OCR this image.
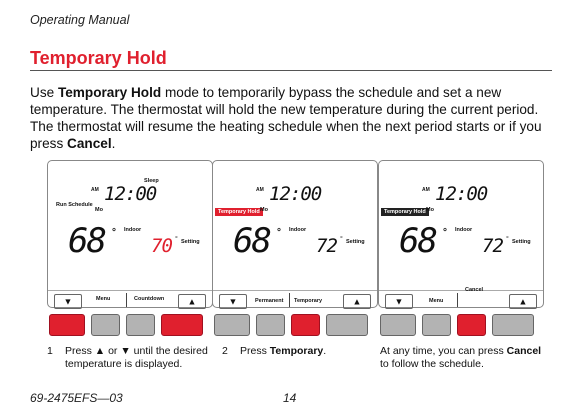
Operating Manual
Temporary Hold

Use Temporary Hold mode to temporarily bypass the schedule and set a new temperature. The thermostat will hold the new temperature during the current period. The thermostat will resume the heating schedule when the next period starts or if you press Cancel.

AM 12:00
Sleep
Run Schedule
Mo
68 ° Indoor
70 ° Setting
▼	Menu	Countdown	▲
AM 12:00
Temporary Hold Mo
68 ° Indoor
72 ° Setting
▼	Permanent Temporary	▲
AM 12:00
Temporary Hold Mo
68 ° Indoor
72 ° Setting
▼	Menu
Cancel
▲
1 Press ▲ or ▼ until the desired temperature is displayed.
2 Press Temporary.	At any time, you can press Cancel to follow the schedule.
69-2475EFS—03	14
